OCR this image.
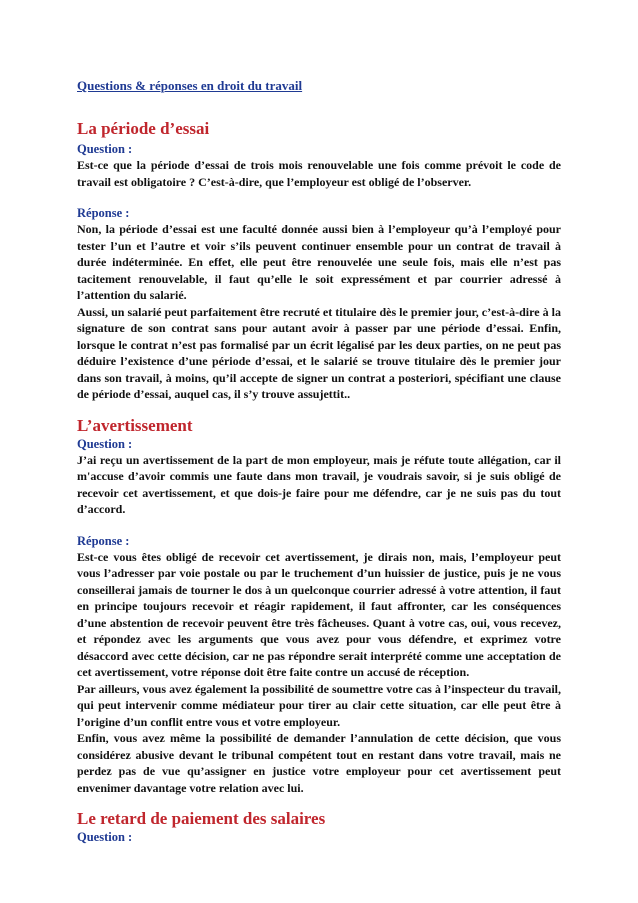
Questions & réponses en droit du travail

La période d’essai

Question :

Est-ce que la période d’essai de trois mois renouvelable une fois comme prévoit le code de travail est obligatoire ? C’est-à-dire, que l’employeur est obligé de l’observer.

Réponse :

Non, la période d’essai est une faculté donnée aussi bien à l’employeur qu’à l’employé pour tester l’un et l’autre et voir s’ils peuvent continuer ensemble pour un contrat de travail à durée indéterminée. En effet, elle peut être renouvelée une seule fois, mais elle n’est pas tacitement renouvelable, il faut qu’elle le soit expressément et par courrier adressé à l’attention du salarié.

Aussi, un salarié peut parfaitement être recruté et titulaire dès le premier jour, c’est-à-dire à la signature de son contrat sans pour autant avoir à passer par une période d’essai. Enfin, lorsque le contrat n’est pas formalisé par un écrit légalisé par les deux parties, on ne peut pas déduire l’existence d’une période d’essai, et le salarié se trouve titulaire dès le premier jour dans son travail, à moins, qu’il accepte de signer un contrat a posteriori, spécifiant une clause de période d’essai, auquel cas, il s’y trouve assujettit..

L’avertissement

Question :

J’ai reçu un avertissement de la part de mon employeur, mais je réfute toute allégation, car il m'accuse d’avoir commis une faute dans mon travail, je voudrais savoir, si je suis obligé de recevoir cet avertissement, et que dois-je faire pour me défendre, car je ne suis pas du tout d’accord.

Réponse :

Est-ce vous êtes obligé de recevoir cet avertissement, je dirais non, mais, l’employeur peut vous l’adresser par voie postale ou par le truchement d’un huissier de justice, puis je ne vous conseillerai jamais de tourner le dos à un quelconque courrier adressé à votre attention, il faut en principe toujours recevoir et réagir rapidement, il faut affronter, car les conséquences d’une abstention de recevoir peuvent être très fâcheuses. Quant à votre cas, oui, vous recevez, et répondez avec les arguments que vous avez pour vous défendre, et exprimez votre désaccord avec cette décision, car ne pas répondre serait interprété comme une acceptation de cet avertissement, votre réponse doit être faite contre un accusé de réception.

Par ailleurs, vous avez également la possibilité de soumettre votre cas à l’inspecteur du travail, qui peut intervenir comme médiateur pour tirer au clair cette situation, car elle peut être à l’origine d’un conflit entre vous et votre employeur.

Enfin, vous avez même la possibilité de demander l’annulation de cette décision, que vous considérez abusive devant le tribunal compétent tout en restant dans votre travail, mais ne perdez pas de vue qu’assigner en justice votre employeur pour cet avertissement peut envenimer davantage votre relation avec lui.

Le retard de paiement des salaires

Question :
